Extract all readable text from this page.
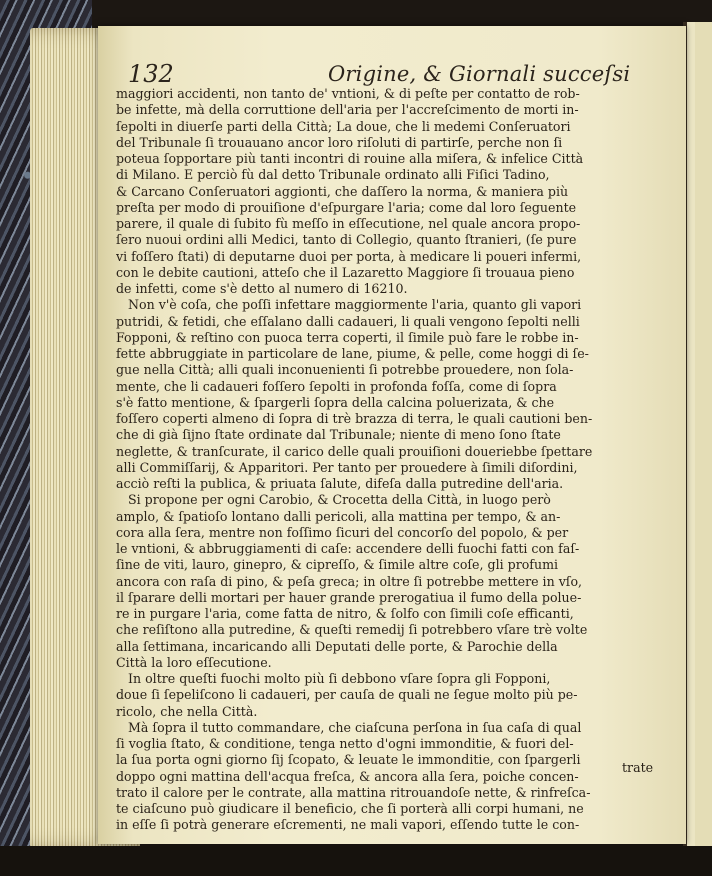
132	Origine, & Giornali succeſsi
maggiori accidenti, non tanto de' vntioni, & di peſte per contatto de rob-
be infette, mà della corruttione dell'aria per l'accreſcimento de morti in-
ſepolti in diuerſe parti della Città; La doue, che li medemi Conſeruatori
del Tribunale ſi trouauano ancor loro riſoluti di partirſe, perche non ſi
poteua ſopportare più tanti incontri di rouine alla miſera, & infelice Città
di Milano. E perciò fù dal detto Tribunale ordinato alli Fiſici Tadino,
& Carcano Conſeruatori aggionti, che daſſero la norma, & maniera più
preſta per modo di prouiſione d'eſpurgare l'aria; come dal loro ſeguente
parere, il quale di ſubito fù meſſo in eſſecutione, nel quale ancora propo-
ſero nuoui ordini alli Medici, tanto di Collegio, quanto ſtranieri, (ſe pure
vi foſſero ſtati) di deputarne duoi per porta, à medicare li poueri infermi,
con le debite cautioni, atteſo che il Lazaretto Maggiore ſi trouaua pieno
de infetti, come s'è detto al numero di 16210.
Non v'è coſa, che poſſi infettare maggiormente l'aria, quanto gli vapori
putridi, & fetidi, che eſſalano dalli cadaueri, li quali vengono ſepolti nelli
Fopponi, & reſtino con puoca terra coperti, il ſimile può fare le robbe in-
fette abbruggiate in particolare de lane, piume, & pelle, come hoggi di ſe-
gue nella Città; alli quali inconuenienti ſi potrebbe prouedere, non ſola-
mente, che li cadaueri foſſero ſepolti in profonda foſſa, come di ſopra
s'è fatto mentione, & ſpargerli ſopra della calcina poluerizata, & che
foſſero coperti almeno di ſopra di trè brazza di terra, le quali cautioni ben-
che di già ſijno ſtate ordinate dal Tribunale; niente di meno ſono ſtate
neglette, & tranſcurate, il carico delle quali prouiſioni doueriebbe ſpettare
alli Commiſſarij, & Apparitori. Per tanto per prouedere à ſimili diſordini,
acciò reſti la publica, & priuata ſalute, difeſa dalla putredine dell'aria.
Si propone per ogni Carobio, & Crocetta della Città, in luogo però
amplo, & ſpatioſo lontano dalli pericoli, alla mattina per tempo, & an-
cora alla ſera, mentre non foſſimo ſicuri del concorſo del popolo, & per
le vntioni, & abbruggiamenti di caſe: accendere delli fuochi fatti con faſ-
ſine de viti, lauro, ginepro, & cipreſſo, & ſimile altre coſe, gli profumi
ancora con raſa di pino, & peſa greca; in oltre ſi potrebbe mettere in vſo,
il ſparare delli mortari per hauer grande prerogatiua il fumo della polue-
re in purgare l'aria, come fatta de nitro, & ſolfo con ſimili coſe efficanti,
che reſiſtono alla putredine, & queſti remedij ſi potrebbero vſare trè volte
alla ſettimana, incaricando alli Deputati delle porte, & Parochie della
Città la loro eſſecutione.
In oltre queſti fuochi molto più ſi debbono vſare ſopra gli Fopponi,
doue ſi ſepeliſcono li cadaueri, per cauſa de quali ne ſegue molto più pe-
ricolo, che nella Città.
Mà ſopra il tutto commandare, che ciaſcuna perſona in ſua caſa di qual
ſi voglia ſtato, & conditione, tenga netto d'ogni immonditie, & fuori del-
la ſua porta ogni giorno ſij ſcopato, & leuate le immonditie, con ſpargerli
doppo ogni mattina dell'acqua freſca, & ancora alla ſera, poiche concen-
trato il calore per le contrate, alla mattina ritrouandoſe nette, & rinfreſca-
te ciaſcuno può giudicare il beneficio, che ſi porterà alli corpi humani, ne
in eſſe ſi potrà generare eſcrementi, ne mali vapori, eſſendo tutte le con-
trate
